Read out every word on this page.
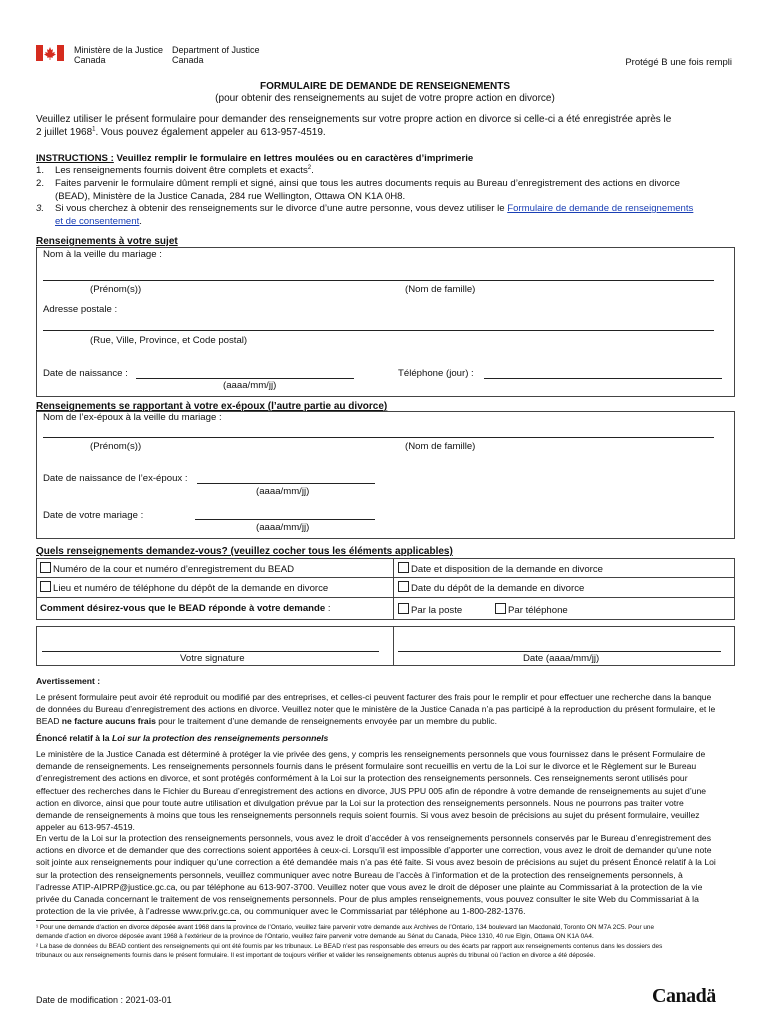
Ministère de la Justice
Canada
Department of Justice
Canada	Protégé B une fois rempli
FORMULAIRE DE DEMANDE DE RENSEIGNEMENTS
(pour obtenir des renseignements au sujet de votre propre action en divorce)
Veuillez utiliser le présent formulaire pour demander des renseignements sur votre propre action en divorce si celle-ci a été enregistrée après le
2 juillet 1968$^1$. Vous pouvez également appeler au 613-957-4519.
INSTRUCTIONS : Veuillez remplir le formulaire en lettres moulées ou en caractères d’imprimerie
1. Les renseignements fournis doivent être complets et exacts$^2$.
2. Faites parvenir le formulaire dûment rempli et signé, ainsi que tous les autres documents requis au Bureau d’enregistrement des actions en divorce
(BEAD), Ministère de la Justice Canada, 284 rue Wellington, Ottawa ON K1A 0H8.
3. Si vous cherchez à obtenir des renseignements sur le divorce d’une autre personne, vous devez utiliser le Formulaire de demande de renseignements
et de consentement.
Renseignements à votre sujet
Nom à la veille du mariage :
(Prénom(s))	(Nom de famille)
Adresse postale :
(Rue, Ville, Province, et Code postal)
Date de naissance :
(aaaa/mm/jj)
Téléphone (jour) :
Renseignements se rapportant à votre ex-époux (l’autre partie au divorce)
Nom de l’ex-époux à la veille du mariage :
(Prénom(s))	(Nom de famille)
Date de naissance de l’ex-époux :
(aaaa/mm/jj)
Date de votre mariage :
(aaaa/mm/jj)
Quels renseignements demandez-vous? (veuillez cocher tous les éléments applicables)
Numéro de la cour et numéro d’enregistrement du BEAD	Date et disposition de la demande en divorce
Lieu et numéro de téléphone du dépôt de la demande en divorce	Date du dépôt de la demande en divorce
Comment désirez-vous que le BEAD réponde à votre demande :	Par la poste	Par téléphone
Votre signature	Date (aaaa/mm/jj)
Avertissement :
Le présent formulaire peut avoir été reproduit ou modifié par des entreprises, et celles-ci peuvent facturer des frais pour le remplir et pour effectuer une recherche dans la banque
de données du Bureau d’enregistrement des actions en divorce. Veuillez noter que le ministère de la Justice Canada n’a pas participé à la reproduction du présent formulaire, et le
BEAD ne facture aucuns frais pour le traitement d’une demande de renseignements envoyée par un membre du public.
Énoncé relatif à la Loi sur la protection des renseignements personnels
Le ministère de la Justice Canada est déterminé à protéger la vie privée des gens, y compris les renseignements personnels que vous fournissez dans le présent Formulaire de
demande de renseignements. Les renseignements personnels fournis dans le présent formulaire sont recueillis en vertu de la Loi sur le divorce et le Règlement sur le Bureau
d’enregistrement des actions en divorce, et sont protégés conformément à la Loi sur la protection des renseignements personnels. Ces renseignements seront utilisés pour
effectuer des recherches dans le Fichier du Bureau d’enregistrement des actions en divorce, JUS PPU 005 afin de répondre à votre demande de renseignements au sujet d’une
action en divorce, ainsi que pour toute autre utilisation et divulgation prévue par la Loi sur la protection des renseignements personnels. Nous ne pourrons pas traiter votre
demande de renseignements à moins que tous les renseignements personnels requis soient fournis. Si vous avez besoin de précisions au sujet du présent formulaire, veuillez
appeler au 613-957-4519.
En vertu de la Loi sur la protection des renseignements personnels, vous avez le droit d’accéder à vos renseignements personnels conservés par le Bureau d’enregistrement des
actions en divorce et de demander que des corrections soient apportées à ceux-ci. Lorsqu’il est impossible d’apporter une correction, vous avez le droit de demander qu’une note
soit jointe aux renseignements pour indiquer qu’une correction a été demandée mais n’a pas été faite. Si vous avez besoin de précisions au sujet du présent Énoncé relatif à la Loi
sur la protection des renseignements personnels, veuillez communiquer avec notre Bureau de l’accès à l’information et de la protection des renseignements personnels, à
l’adresse ATIP-AIPRP@justice.gc.ca, ou par téléphone au 613-907-3700. Veuillez noter que vous avez le droit de déposer une plainte au Commissariat à la protection de la vie
privée du Canada concernant le traitement de vos renseignements personnels. Pour de plus amples renseignements, vous pouvez consulter le site Web du Commissariat à la
protection de la vie privée, à l’adresse www.priv.gc.ca, ou communiquer avec le Commissariat par téléphone au 1-800-282-1376.
¹ Pour une demande d’action en divorce déposée avant 1968 dans la province de l’Ontario, veuillez faire parvenir votre demande aux Archives de l’Ontario, 134 boulevard Ian Macdonald, Toronto ON M7A 2C5. Pour une
demande d’action en divorce déposée avant 1968 à l’extérieur de la province de l’Ontario, veuillez faire parvenir votre demande au Sénat du Canada, Pièce 1310, 40 rue Elgin, Ottawa ON K1A 0A4.
² La base de données du BEAD contient des renseignements qui ont été fournis par les tribunaux. Le BEAD n’est pas responsable des erreurs ou des écarts par rapport aux renseignements contenus dans les dossiers des
tribunaux ou aux renseignements fournis dans le présent formulaire. Il est important de toujours vérifier et valider les renseignements obtenus auprès du tribunal où l’action en divorce a été déposée.
Date de modification : 2021-03-01	Canadä
